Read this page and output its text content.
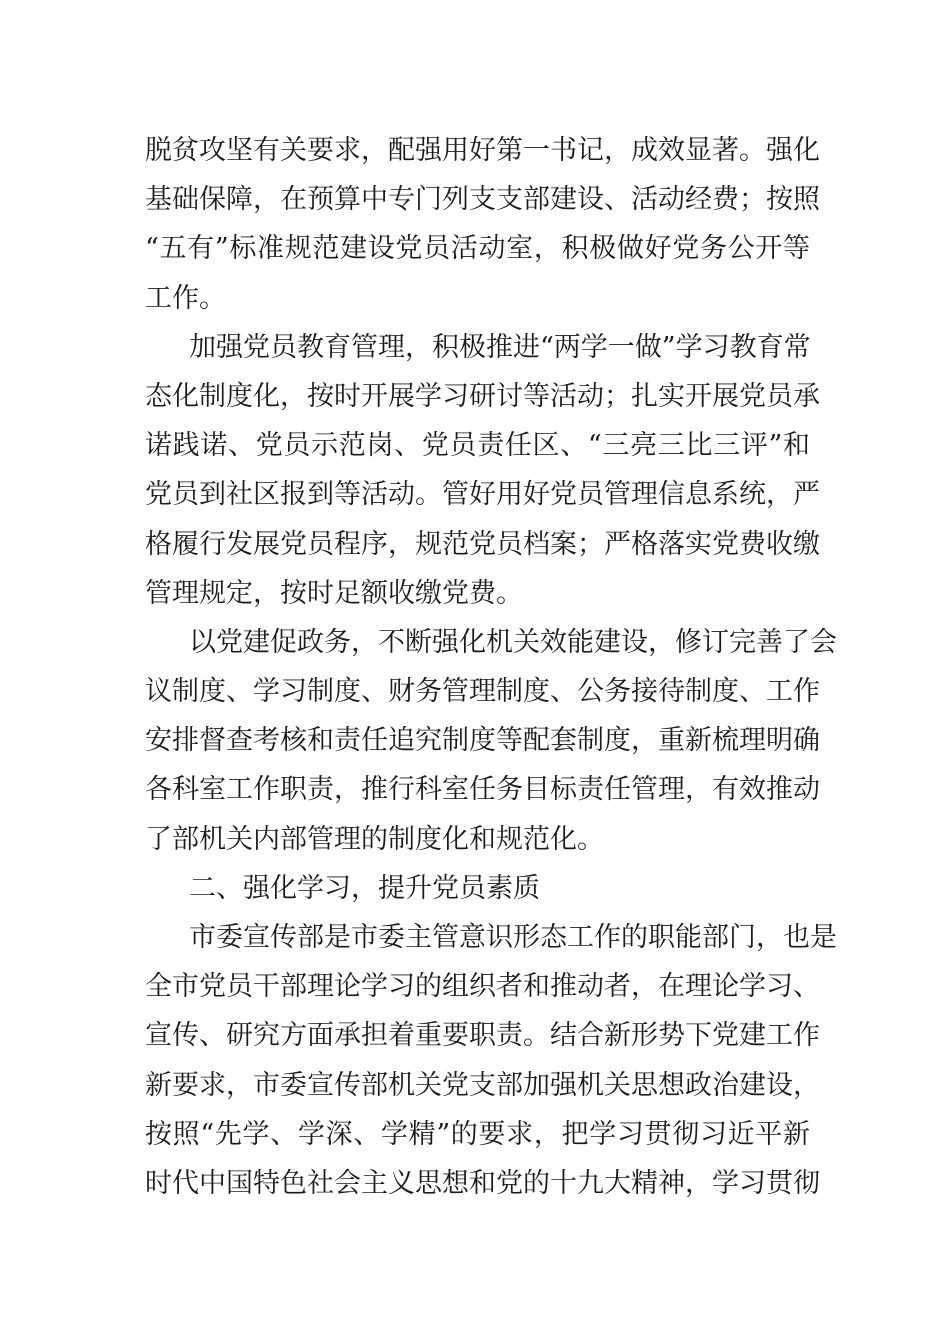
脱贫攻坚有关要求，配强用好第一书记，成效显著。强化
基础保障，在预算中专门列支支部建设、活动经费；按照
“五有”标准规范建设党员活动室，积极做好党务公开等
工作。

加强党员教育管理，积极推进“两学一做”学习教育常
态化制度化，按时开展学习研讨等活动；扎实开展党员承
诺践诺、党员示范岗、党员责任区、“三亮三比三评”和
党员到社区报到等活动。管好用好党员管理信息系统，严
格履行发展党员程序，规范党员档案；严格落实党费收缴
管理规定，按时足额收缴党费。

以党建促政务，不断强化机关效能建设，修订完善了会
议制度、学习制度、财务管理制度、公务接待制度、工作
安排督查考核和责任追究制度等配套制度，重新梳理明确
各科室工作职责，推行科室任务目标责任管理，有效推动
了部机关内部管理的制度化和规范化。

二、强化学习，提升党员素质

市委宣传部是市委主管意识形态工作的职能部门，也是
全市党员干部理论学习的组织者和推动者，在理论学习、
宣传、研究方面承担着重要职责。结合新形势下党建工作
新要求，市委宣传部机关党支部加强机关思想政治建设，
按照“先学、学深、学精”的要求，把学习贯彻习近平新
时代中国特色社会主义思想和党的十九大精神，学习贯彻
